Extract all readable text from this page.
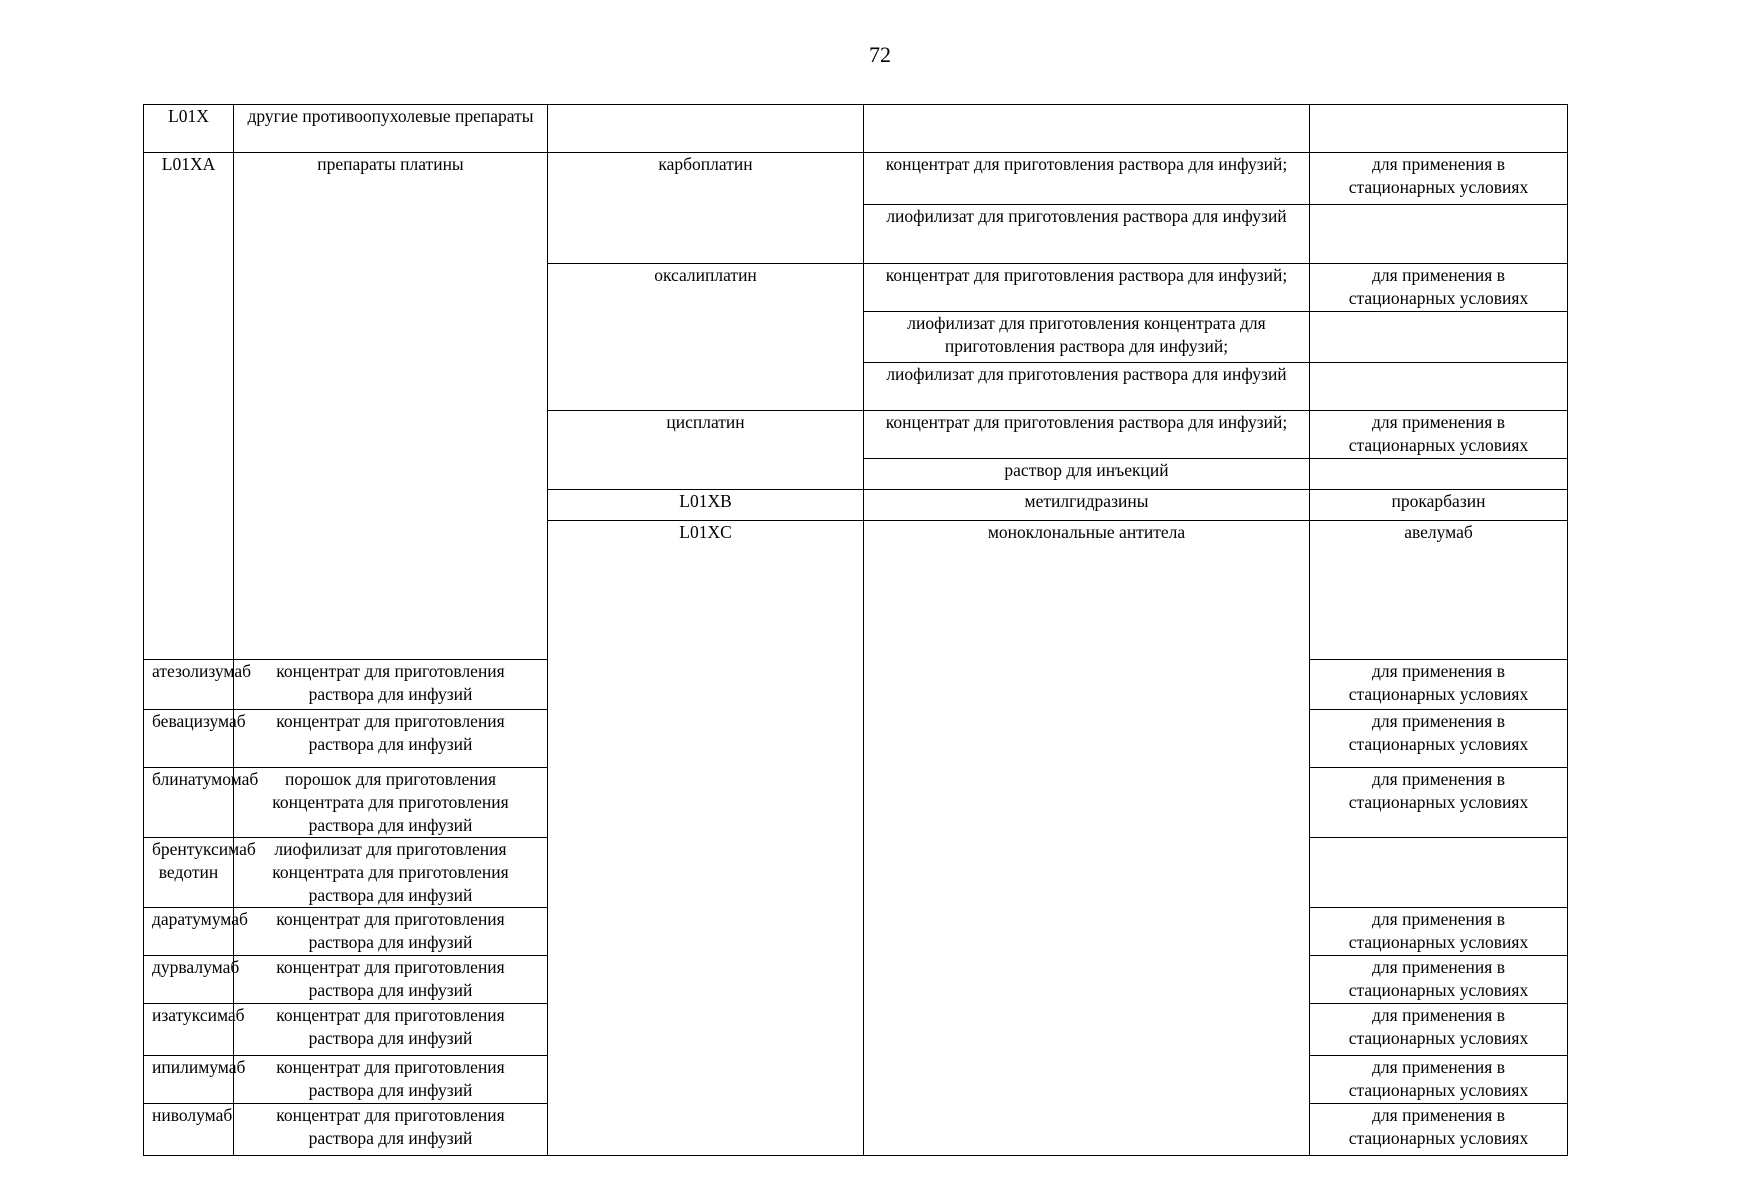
72
L01X	другие противоопухолевые препараты				
L01XA	препараты платины	карбоплатин	концентрат для приготовления раствора для инфузий;	для применения в стационарных условиях	
			лиофилизат для приготовления раствора для инфузий		
		оксалиплатин	концентрат для приготовления раствора для инфузий;	для применения в стационарных условиях	
			лиофилизат для приготовления концентрата для приготовления раствора для инфузий;		
			лиофилизат для приготовления раствора для инфузий		
		цисплатин	концентрат для приготовления раствора для инфузий;	для применения в стационарных условиях	
			раствор для инъекций		
		L01XB	метилгидразины	прокарбазин		
		L01XC	моноклональные антитела	авелумаб		
атезолизумаб	концентрат для приготовления раствора для инфузий			для применения в стационарных условиях	
бевацизумаб	концентрат для приготовления раствора для инфузий			для применения в стационарных условиях	
блинатумомаб	порошок для приготовления концентрата для приготовления раствора для инфузий			для применения в стационарных условиях	
брентуксимаб ведотин	лиофилизат для приготовления концентрата для приготовления раствора для инфузий				
даратумумаб	концентрат для приготовления раствора для инфузий			для применения в стационарных условиях	
дурвалумаб	концентрат для приготовления раствора для инфузий			для применения в стационарных условиях	
изатуксимаб	концентрат для приготовления раствора для инфузий			для применения в стационарных условиях	
ипилимумаб	концентрат для приготовления раствора для инфузий			для применения в стационарных условиях	
ниволумаб	концентрат для приготовления раствора для инфузий			для применения в стационарных условиях	
